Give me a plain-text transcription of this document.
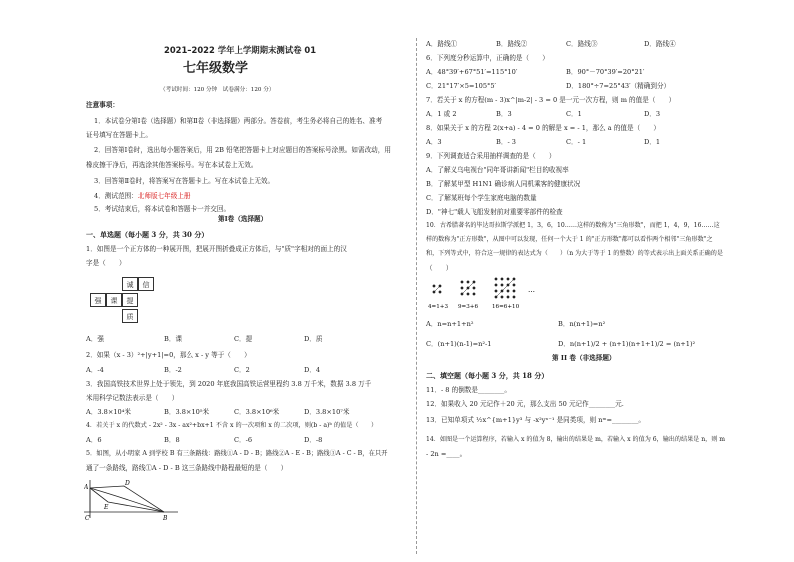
2021–2022 学年上学期期末测试卷 01
七年级数学
（考试时间：120 分钟　试卷满分：120 分）
注意事项：
1．本试卷分第Ⅰ卷（选择题）和第Ⅱ卷（非选择题）两部分。答卷前，考生务必将自己的姓名、准考
证号填写在答题卡上。
2．回答第Ⅰ卷时，选出每小题答案后，用 2B 铅笔把答题卡上对应题目的答案标号涂黑。如需改动，用
橡皮擦干净后，再选涂其他答案标号。写在本试卷上无效。
3．回答第Ⅱ卷时，将答案写在答题卡上。写在本试卷上无效。
4．测试范围：北师版七年级上册
5．考试结束后，将本试卷和答题卡一并交回。
第Ⅰ卷（选择题）
一、单选题（每小题 3 分，共 30 分）
1．如图是一个正方体的一种展开图，把展开图折叠成正方体后，与"质"字相对的面上的汉
字是（　　）
诚	信
强	课	提
质
A．强	B．课	C．提	D．质
2．如果（x - 3）²+|y+1|=0，那么 x - y 等于（　　）
A．-4	B．-2	C．2	D．4
3．我国高铁技术世界上处于领先，到 2020 年底我国高铁运营里程约 3.8 万千米，数据 3.8 万千
米用科学记数法表示是（　　）
A．3.8×10⁴米	B．3.8×10⁵米	C．3.8×10⁶米	D．3.8×10⁷米
4．若关于 x 的代数式 - 2x² - 3x - ax²+bx+1 不含 x 的一次项和 x 的二次项，则(b - a)ᵇ 的值是（　　）
A．6	B．8	C．-6	D．-8
5．如图，从小明家 A 到学校 B 有三条路线：路线①A - D - B；路线②A - E - B；路线③A - C - B，在只开
通了一条路线，路线①A - D - B 这三条路线中路程最短的是（　　）
A
D
E
C	B
A．路线①	B．路线②	C．路线③	D．路线④
6．下列度分秒运算中，正确的是（　　）
A．48°39′+67°51′=115°10′	B．90°－70°39′=20°21′
C．21°17′×5=105°5′	D．180°÷7=25°43′（精确到分）
7．若关于 x 的方程(m - 3)x^|m-2| - 3 = 0 是一元一次方程，则 m 的值是（　　）
A．1 或 2	B．3	C．1	D．3
8．如果关于 x 的方程 2(x+a) - 4 = 0 的解是 x = - 1，那么 a 的值是（　　）
A．3	B．- 3	C．- 1	D．1
9．下列调查适合采用抽样调查的是（　　）
A．了解义乌电视台"同年哥讲新闻"栏目的收视率
B．了解某甲型 H1N1 确诊病人同机乘客的健康状况
C．了解某班每个学生家庭电脑的数量
D．"神七"载人飞船发射前对重要零部件的检查
10．古希腊著名的毕达哥拉斯学派把 1，3，6，10……这样的数称为"三角形数"，而把 1，4，9，16……这
样的数称为"正方形数"，从图中可以发现，任何一个大于 1 的"正方形数"都可以看作两个相邻"三角形数"之
和，下列等式中，符合这一规律的表达式为（　　）（n 为大于等于 1 的整数）的等式表示出上面关系正确的是
（　　）
…
4=1+3 9=3+6 16=6+10
A．n=n+1+n²	B．n(n+1)=n²
C．(n+1)(n-1)=n²-1	D．n(n+1)/2 + (n+1)(n+1+1)/2 = (n+1)²
第 II 卷（非选择题）
二、填空题（每小题 3 分，共 18 分）
11．- 8 的倒数是________。
12．如果收入 20 元记作＋20 元，那么支出 50 元记作________元.
13．已知单项式 ½x^{m+1}y³ 与 -x²yⁿ⁻¹ 是同类项，则 nᵐ=________。
14．如图是一个运算程序，若输入 x 的值为 8，输出的结果是 m，若输入 x 的值为 6，输出的结果是 n，则 m
- 2n =____。
